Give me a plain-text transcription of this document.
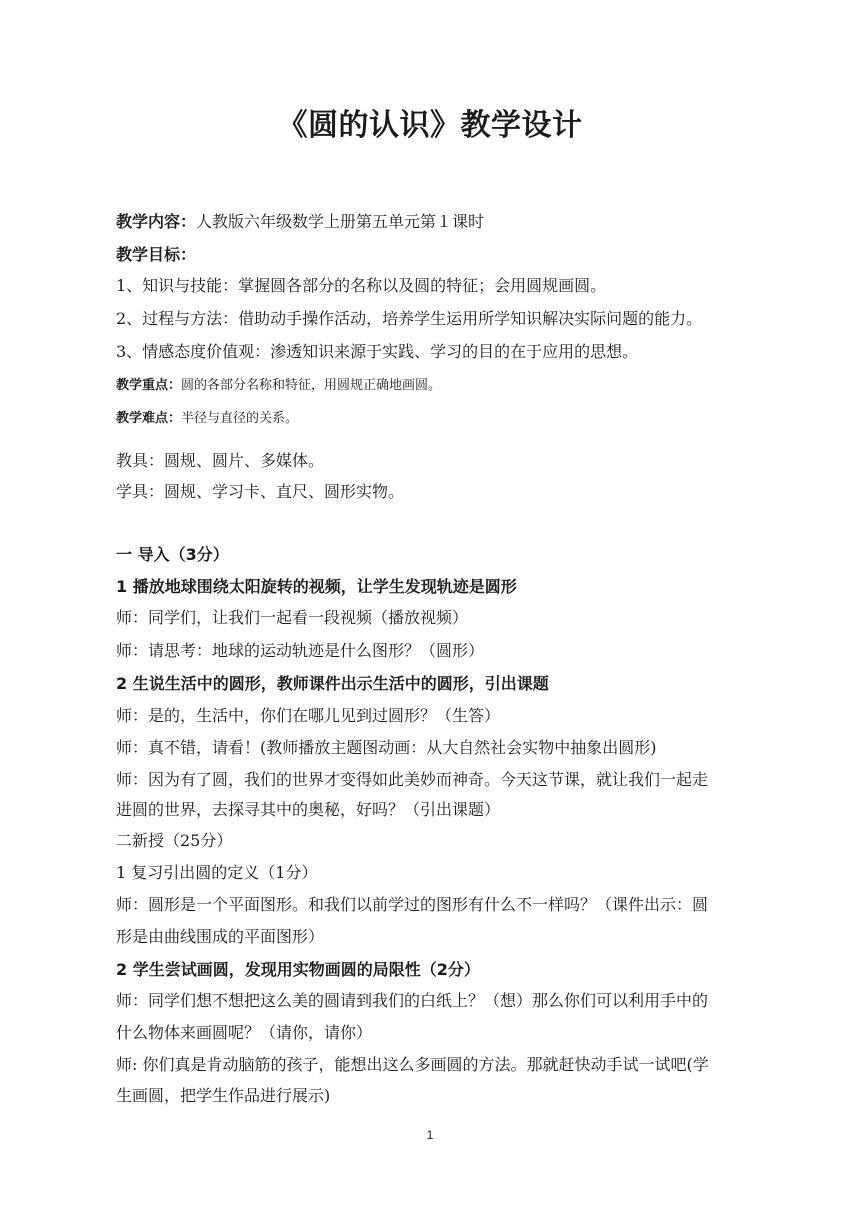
《圆的认识》教学设计
教学内容：人教版六年级数学上册第五单元第１课时
教学目标：
1、知识与技能：掌握圆各部分的名称以及圆的特征；会用圆规画圆。
2、过程与方法：借助动手操作活动，培养学生运用所学知识解决实际问题的能力。
3、情感态度价值观：渗透知识来源于实践、学习的目的在于应用的思想。
教学重点：圆的各部分名称和特征，用圆规正确地画圆。
教学难点：半径与直径的关系。
教具：圆规、圆片、多媒体。
学具：圆规、学习卡、直尺、圆形实物。
一 导入（3分）
1 播放地球围绕太阳旋转的视频，让学生发现轨迹是圆形
师：同学们，让我们一起看一段视频（播放视频）
师：请思考：地球的运动轨迹是什么图形？（圆形）
2 生说生活中的圆形，教师课件出示生活中的圆形，引出课题
师：是的，生活中，你们在哪儿见到过圆形？（生答）
师：真不错，请看！(教师播放主题图动画：从大自然社会实物中抽象出圆形)
师：因为有了圆，我们的世界才变得如此美妙而神奇。今天这节课，就让我们一起走
进圆的世界，去探寻其中的奥秘，好吗？（引出课题）
二新授（25分）
1 复习引出圆的定义（1分）
师：圆形是一个平面图形。和我们以前学过的图形有什么不一样吗？（课件出示：圆
形是由曲线围成的平面图形）
2 学生尝试画圆，发现用实物画圆的局限性（2分）
师：同学们想不想把这么美的圆请到我们的白纸上？（想）那么你们可以利用手中的
什么物体来画圆呢？（请你，请你）
师: 你们真是肯动脑筋的孩子，能想出这么多画圆的方法。那就赶快动手试一试吧(学
生画圆，把学生作品进行展示)
1
